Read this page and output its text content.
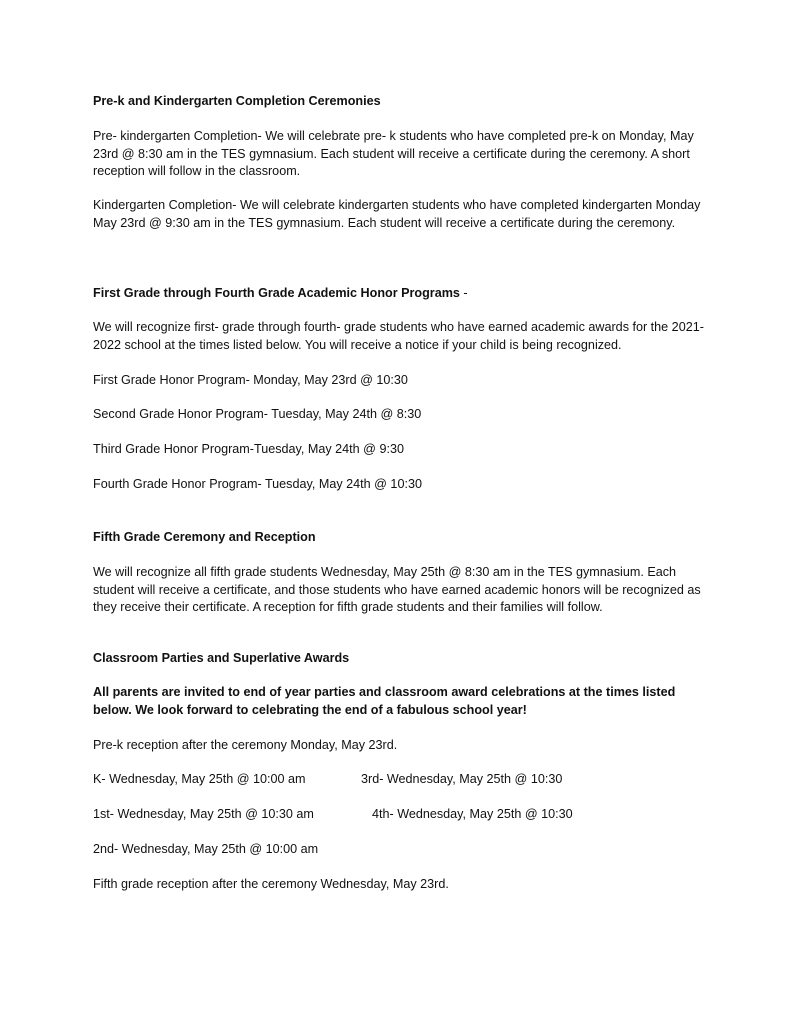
Pre-k and Kindergarten Completion Ceremonies

Pre- kindergarten Completion- We will celebrate pre- k students who have completed pre-k on Monday, May 23rd @ 8:30 am in the TES gymnasium. Each student will receive a certificate during the ceremony. A short reception will follow in the classroom.

Kindergarten Completion- We will celebrate kindergarten students who have completed kindergarten Monday May 23rd @ 9:30 am in the TES gymnasium. Each student will receive a certificate during the ceremony.

First Grade through Fourth Grade Academic Honor Programs -

We will recognize first- grade through fourth- grade students who have earned academic awards for the 2021- 2022 school at the times listed below. You will receive a notice if your child is being recognized.

First Grade Honor Program- Monday, May 23rd @ 10:30

Second Grade Honor Program- Tuesday, May 24th @ 8:30

Third Grade Honor Program-Tuesday, May 24th @ 9:30

Fourth Grade Honor Program- Tuesday, May 24th @ 10:30

Fifth Grade Ceremony and Reception

We will recognize all fifth grade students Wednesday, May 25th @ 8:30 am in the TES gymnasium. Each student will receive a certificate, and those students who have earned academic honors will be recognized as they receive their certificate. A reception for fifth grade students and their families will follow.

Classroom Parties and Superlative Awards

All parents are invited to end of year parties and classroom award celebrations at the times listed below. We look forward to celebrating the end of a fabulous school year!

Pre-k reception after the ceremony Monday, May 23rd.

K- Wednesday, May 25th @ 10:00 am	3rd- Wednesday, May 25th @ 10:30

1st- Wednesday, May 25th @ 10:30 am	4th- Wednesday, May 25th @ 10:30

2nd- Wednesday, May 25th @ 10:00 am

Fifth grade reception after the ceremony Wednesday, May 23rd.
